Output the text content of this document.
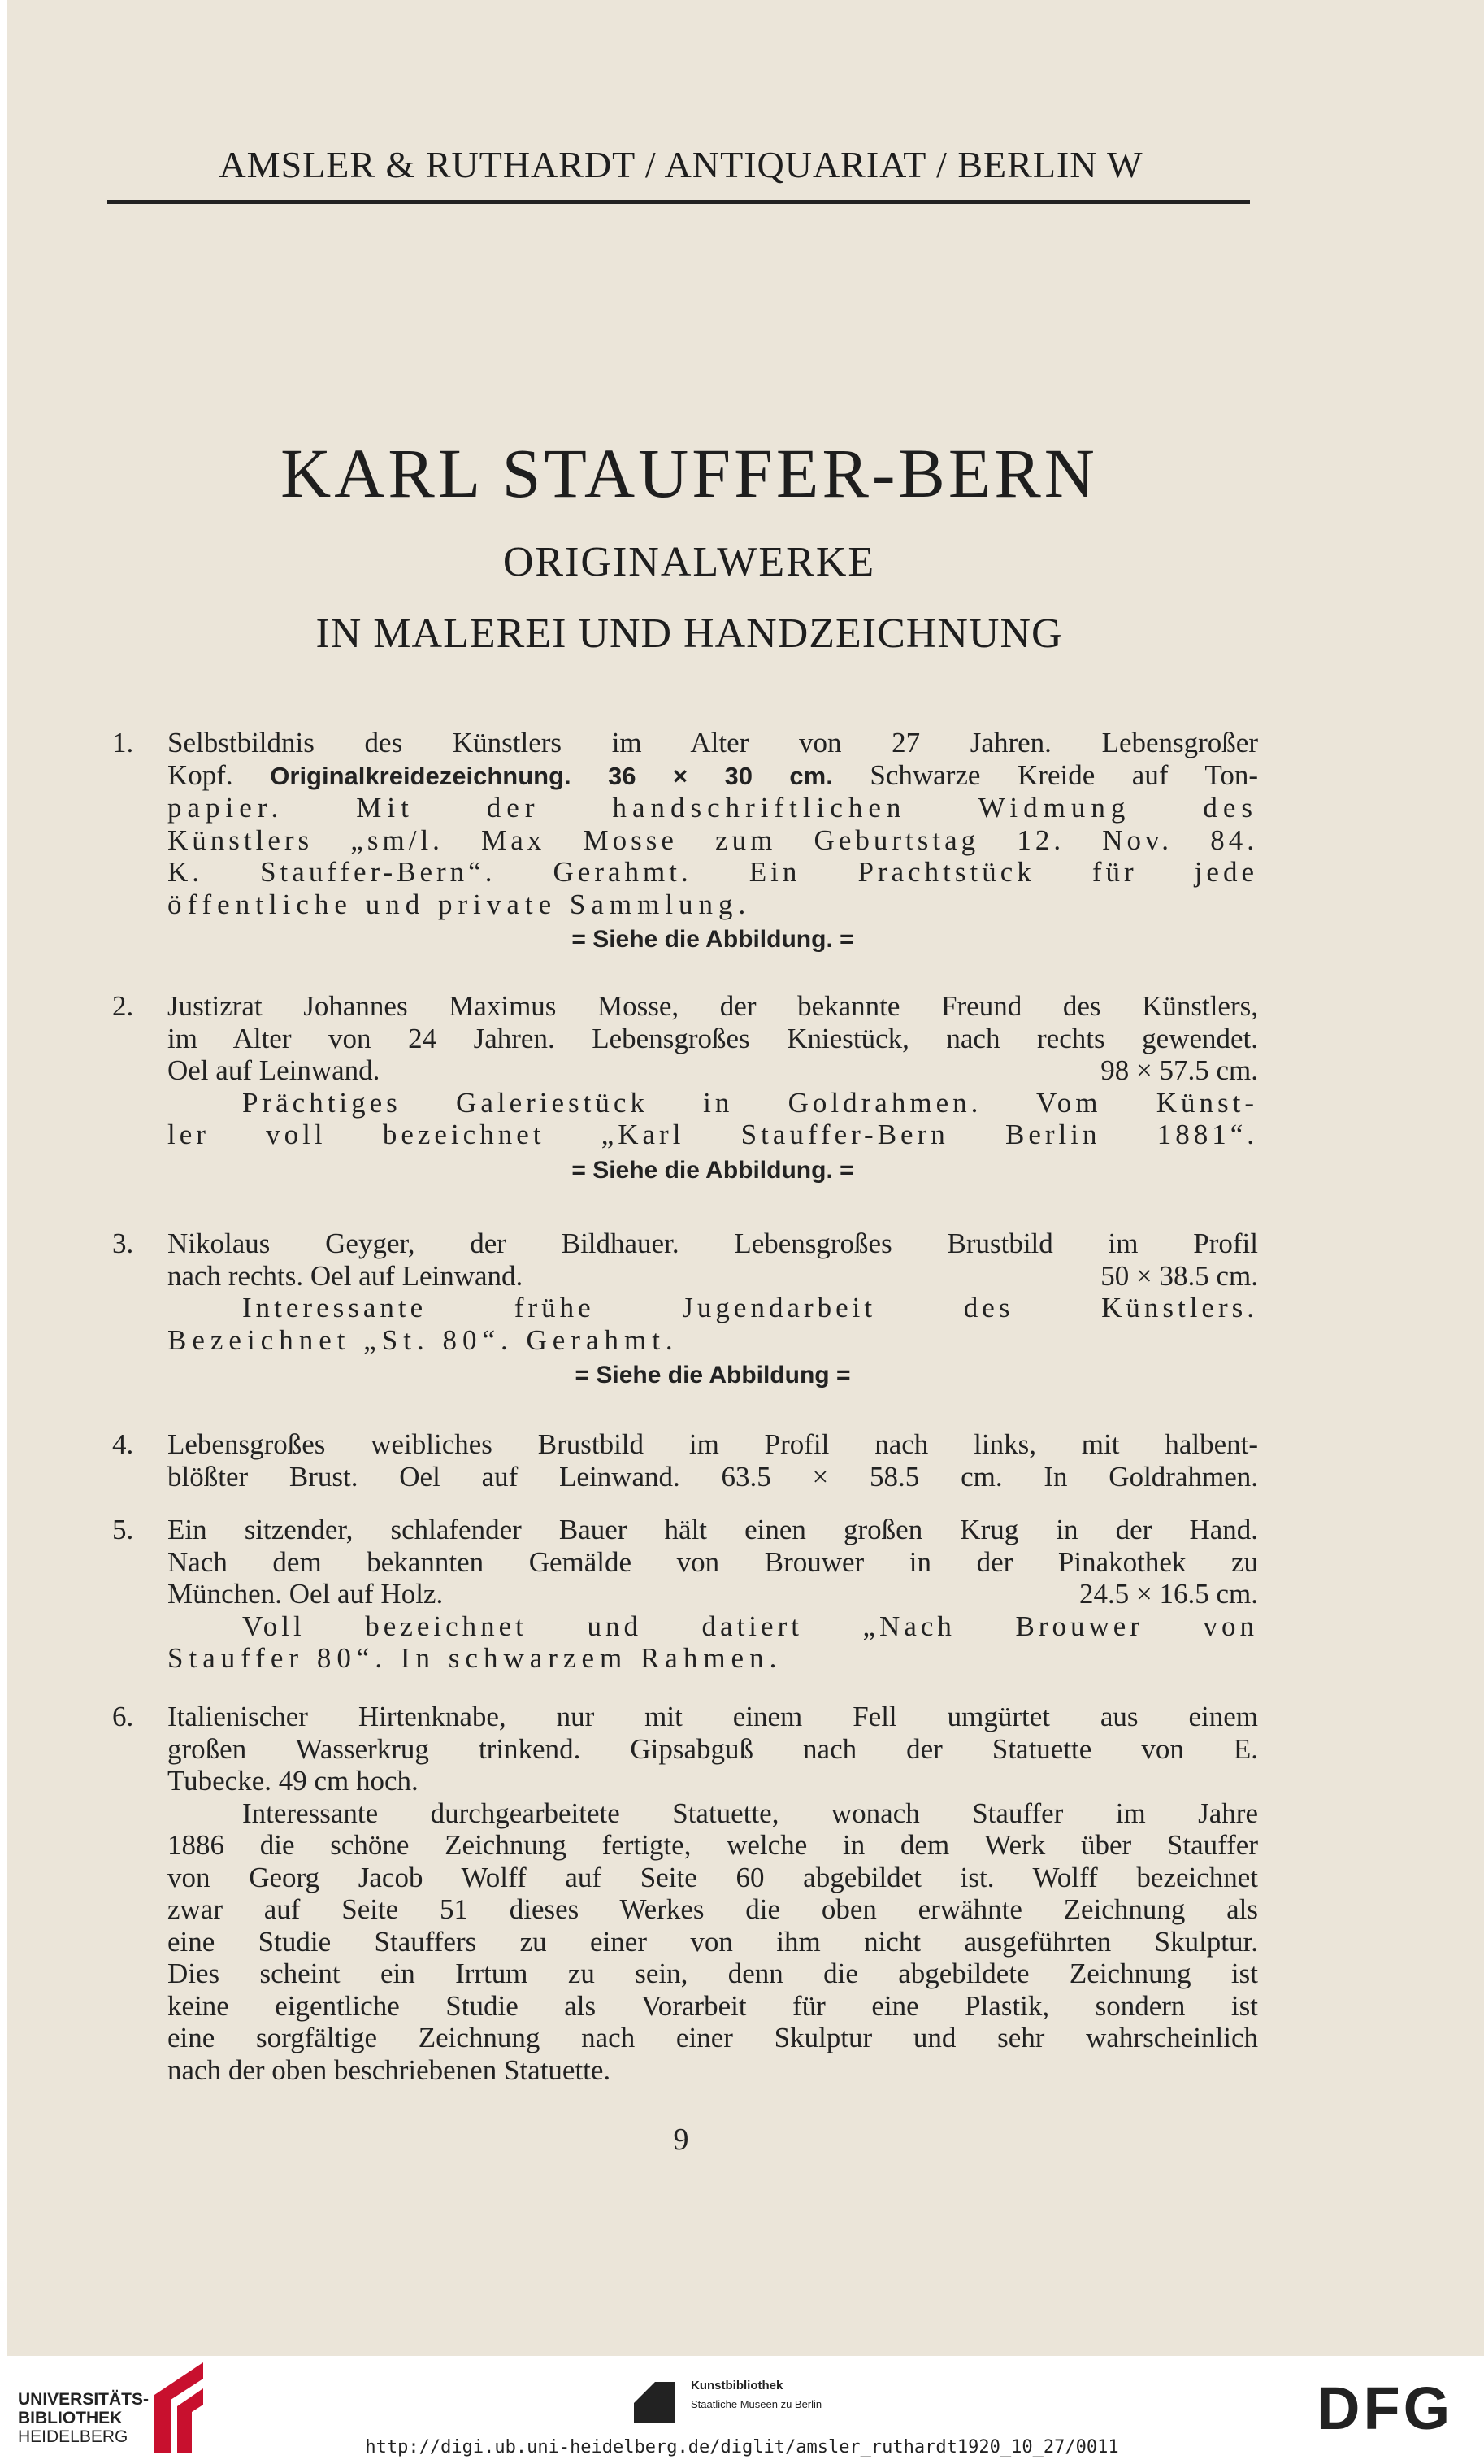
AMSLER & RUTHARDT / ANTIQUARIAT / BERLIN W
KARL STAUFFER-BERN
ORIGINALWERKE
IN MALEREI UND HANDZEICHNUNG
1. Selbstbildnis des Künstlers im Alter von 27 Jahren. Lebensgroßer
Kopf. Originalkreidezeichnung. 36 × 30 cm. Schwarze Kreide auf Ton-
papier. Mit der handschriftlichen Widmung des
Künstlers „sm/l. Max Mosse zum Geburtstag 12. Nov. 84.
K. Stauffer-Bern“. Gerahmt. Ein Prachtstück für jede
öffentliche und private Sammlung.
= Siehe die Abbildung. =
2. Justizrat Johannes Maximus Mosse, der bekannte Freund des Künstlers,
im Alter von 24 Jahren. Lebensgroßes Kniestück, nach rechts gewendet.
Oel auf Leinwand.	98 × 57.5 cm.
Prächtiges Galeriestück in Goldrahmen. Vom Künst-
ler voll bezeichnet „Karl Stauffer-Bern Berlin 1881“.
= Siehe die Abbildung. =
3. Nikolaus Geyger, der Bildhauer. Lebensgroßes Brustbild im Profil
nach rechts. Oel auf Leinwand.	50 × 38.5 cm.
Interessante frühe Jugendarbeit des Künstlers.
Bezeichnet „St. 80“. Gerahmt.
= Siehe die Abbildung =
4. Lebensgroßes weibliches Brustbild im Profil nach links, mit halbent-
blößter Brust. Oel auf Leinwand. 63.5 × 58.5 cm. In Goldrahmen.
5. Ein sitzender, schlafender Bauer hält einen großen Krug in der Hand.
Nach dem bekannten Gemälde von Brouwer in der Pinakothek zu
München. Oel auf Holz.	24.5 × 16.5 cm.
Voll bezeichnet und datiert „Nach Brouwer von
Stauffer 80“. In schwarzem Rahmen.
6. Italienischer Hirtenknabe, nur mit einem Fell umgürtet aus einem
großen Wasserkrug trinkend. Gipsabguß nach der Statuette von E.
Tubecke. 49 cm hoch.
Interessante durchgearbeitete Statuette, wonach Stauffer im Jahre
1886 die schöne Zeichnung fertigte, welche in dem Werk über Stauffer
von Georg Jacob Wolff auf Seite 60 abgebildet ist. Wolff bezeichnet
zwar auf Seite 51 dieses Werkes die oben erwähnte Zeichnung als
eine Studie Stauffers zu einer von ihm nicht ausgeführten Skulptur.
Dies scheint ein Irrtum zu sein, denn die abgebildete Zeichnung ist
keine eigentliche Studie als Vorarbeit für eine Plastik, sondern ist
eine sorgfältige Zeichnung nach einer Skulptur und sehr wahrscheinlich
nach der oben beschriebenen Statuette.
9
UNIVERSITÄTS-
BIBLIOTHEK
HEIDELBERG
Kunstbibliothek
Staatliche Museen zu Berlin	DFG
http://digi.ub.uni-heidelberg.de/diglit/amsler_ruthardt1920_10_27/0011
